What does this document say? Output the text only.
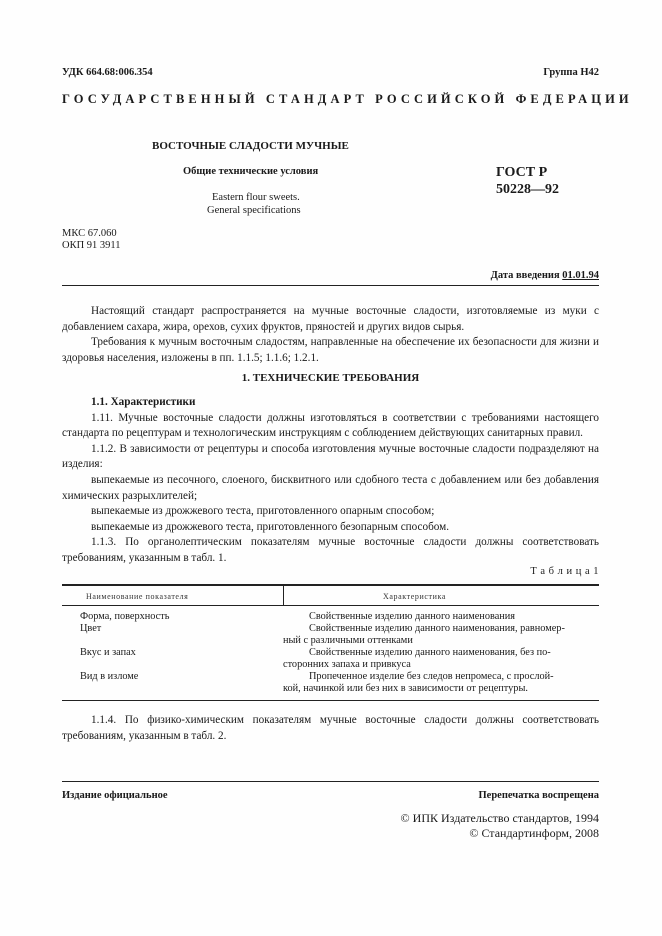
УДК 664.68:006.354	Группа Н42
ГОСУДАРСТВЕННЫЙ СТАНДАРТ РОССИЙСКОЙ ФЕДЕРАЦИИ
ВОСТОЧНЫЕ СЛАДОСТИ МУЧНЫЕ
Общие технические условия
Eastern flour sweets.
General specifications
ГОСТ Р
50228—92
МКС 67.060
ОКП 91 3911
Дата введения 01.01.94

Настоящий стандарт распространяется на мучные восточные сладости, изготовляемые из муки с добавлением сахара, жира, орехов, сухих фруктов, пряностей и других видов сырья.

Требования к мучным восточным сладостям, направленные на обеспечение их безопасности для жизни и здоровья населения, изложены в пп. 1.1.5; 1.1.6; 1.2.1.

1. ТЕХНИЧЕСКИЕ ТРЕБОВАНИЯ

1.1. Характеристики

1.11. Мучные восточные сладости должны изготовляться в соответствии с требованиями настоящего стандарта по рецептурам и технологическим инструкциям с соблюдением действующих санитарных правил.

1.1.2. В зависимости от рецептуры и способа изготовления мучные восточные сладости подразделяют на изделия:

выпекаемые из песочного, слоеного, бисквитного или сдобного теста с добавлением или без добавления химических разрыхлителей;

выпекаемые из дрожжевого теста, приготовленного опарным способом;

выпекаемые из дрожжевого теста, приготовленного безопарным способом.

1.1.3. По органолептическим показателям мучные восточные сладости должны соответствовать требованиям, указанным в табл. 1.

Т а б л и ц а 1
Наименование показателя	Характеристика
Форма, поверхность	Свойственные изделию данного наименования
Цвет	Свойственные изделию данного наименования, равномер-
ный с различными оттенками
Вкус и запах	Свойственные изделию данного наименования, без по-
сторонних запаха и привкуса
Вид в изломе	Пропеченное изделие без следов непромеса, с прослой-
кой, начинкой или без них в зависимости от рецептуры.

1.1.4. По физико-химическим показателям мучные восточные сладости должны соответствовать требованиям, указанным в табл. 2.

Издание официальное	Перепечатка воспрещена
© ИПК Издательство стандартов, 1994
© Стандартинформ, 2008
